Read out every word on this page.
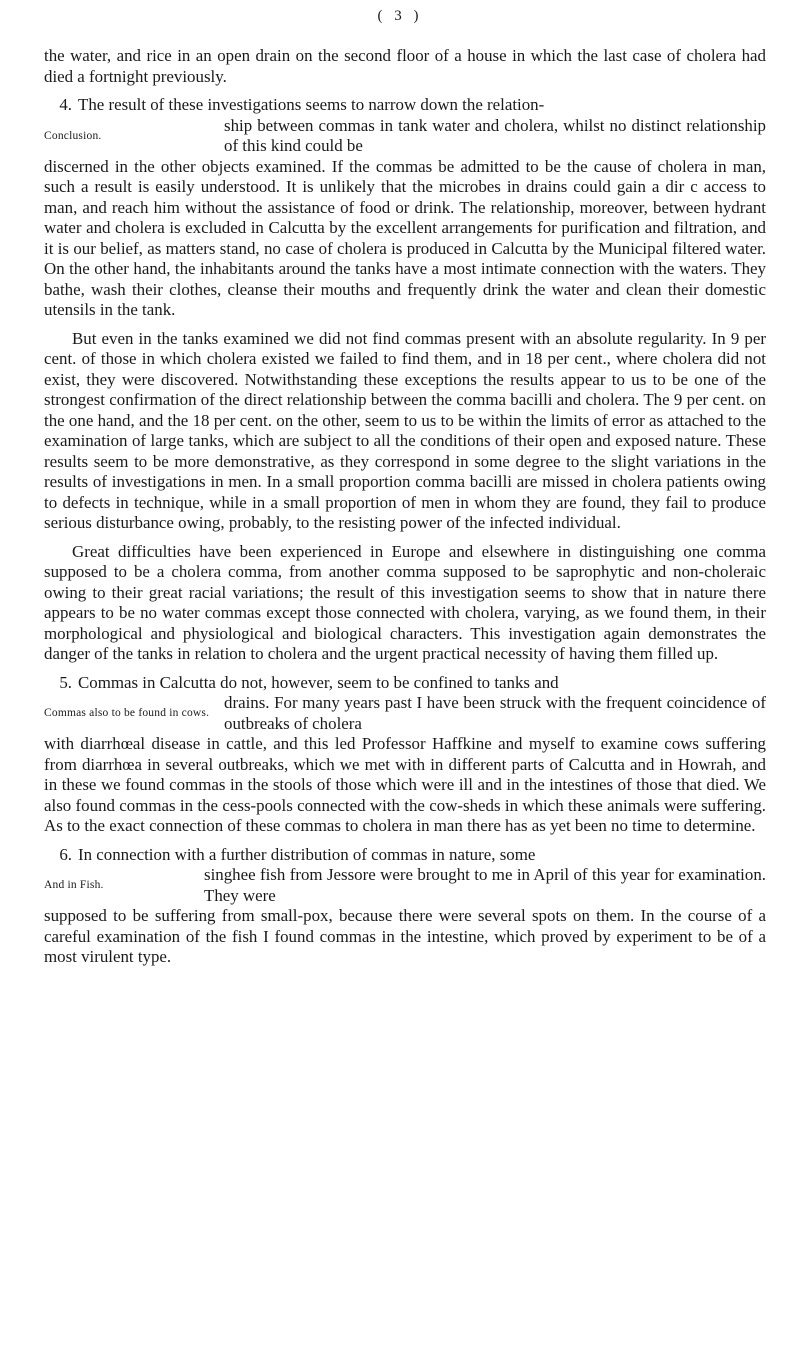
( 3 )

the water, and rice in an open drain on the second floor of a house in which the last case of cholera had died a fortnight previously.

4. The result of these investigations seems to narrow down the relation-

Conclusion.

ship between commas in tank water and cholera, whilst no distinct relationship of this kind could be

discerned in the other objects examined. If the commas be admitted to be the cause of cholera in man, such a result is easily understood. It is unlikely that the microbes in drains could gain a dir c access to man, and reach him without the assistance of food or drink. The relationship, moreover, between hydrant water and cholera is excluded in Calcutta by the excellent arrangements for purification and filtration, and it is our belief, as matters stand, no case of cholera is produced in Calcutta by the Municipal filtered water. On the other hand, the inhabitants around the tanks have a most intimate connection with the waters. They bathe, wash their clothes, cleanse their mouths and frequently drink the water and clean their domestic utensils in the tank.

But even in the tanks examined we did not find commas present with an absolute regularity. In 9 per cent. of those in which cholera existed we failed to find them, and in 18 per cent., where cholera did not exist, they were discovered. Notwithstanding these exceptions the results appear to us to be one of the strongest confirmation of the direct relationship between the comma bacilli and cholera. The 9 per cent. on the one hand, and the 18 per cent. on the other, seem to us to be within the limits of error as attached to the examination of large tanks, which are subject to all the conditions of their open and exposed nature. These results seem to be more demonstrative, as they correspond in some degree to the slight variations in the results of investigations in men. In a small proportion comma bacilli are missed in cholera patients owing to defects in technique, while in a small proportion of men in whom they are found, they fail to produce serious disturbance owing, probably, to the resisting power of the infected individual.

Great difficulties have been experienced in Europe and elsewhere in distinguishing one comma supposed to be a cholera comma, from another comma supposed to be saprophytic and non-choleraic owing to their great racial variations; the result of this investigation seems to show that in nature there appears to be no water commas except those connected with cholera, varying, as we found them, in their morphological and physiological and biological characters. This investigation again demonstrates the danger of the tanks in relation to cholera and the urgent practical necessity of having them filled up.

5. Commas in Calcutta do not, however, seem to be confined to tanks and

Commas also to be found in cows.

drains. For many years past I have been struck with the frequent coincidence of outbreaks of cholera

with diarrhœal disease in cattle, and this led Professor Haffkine and myself to examine cows suffering from diarrhœa in several outbreaks, which we met with in different parts of Calcutta and in Howrah, and in these we found commas in the stools of those which were ill and in the intestines of those that died. We also found commas in the cess-pools connected with the cow-sheds in which these animals were suffering. As to the exact connection of these commas to cholera in man there has as yet been no time to determine.

6. In connection with a further distribution of commas in nature, some

And in Fish.

singhee fish from Jessore were brought to me in April of this year for examination. They were

supposed to be suffering from small-pox, because there were several spots on them. In the course of a careful examination of the fish I found commas in the intestine, which proved by experiment to be of a most virulent type.
